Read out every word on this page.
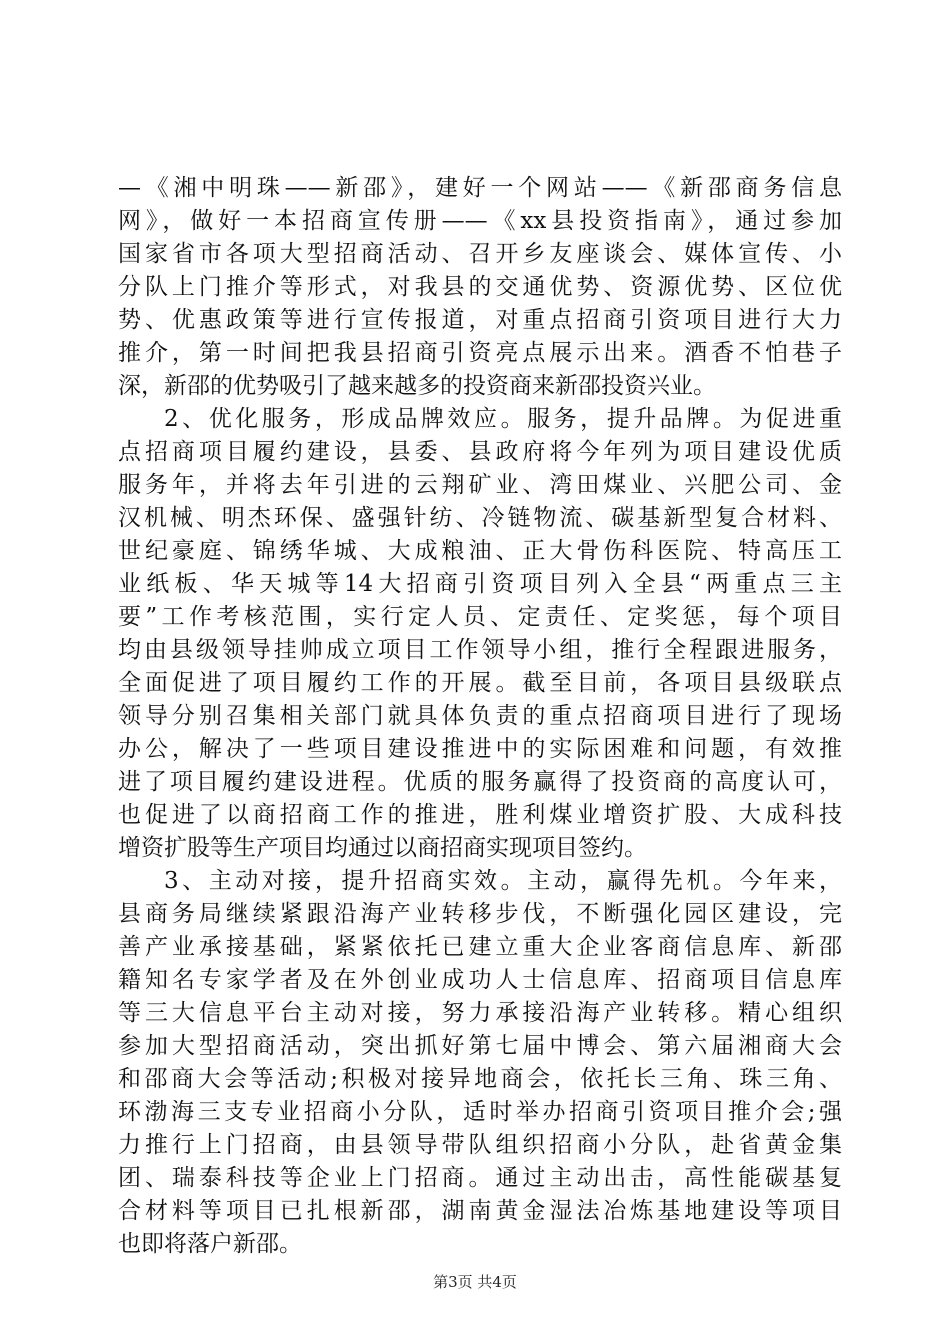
—《湘中明珠——新邵》，建好一个网站——《新邵商务信息
网》，做好一本招商宣传册——《xx县投资指南》，通过参加
国家省市各项大型招商活动、召开乡友座谈会、媒体宣传、小
分队上门推介等形式，对我县的交通优势、资源优势、区位优
势、优惠政策等进行宣传报道，对重点招商引资项目进行大力
推介，第一时间把我县招商引资亮点展示出来。酒香不怕巷子
深，新邵的优势吸引了越来越多的投资商来新邵投资兴业。
2、优化服务，形成品牌效应。服务，提升品牌。为促进重
点招商项目履约建设，县委、县政府将今年列为项目建设优质
服务年，并将去年引进的云翔矿业、湾田煤业、兴肥公司、金
汉机械、明杰环保、盛强针纺、冷链物流、碳基新型复合材料、
世纪豪庭、锦绣华城、大成粮油、正大骨伤科医院、特高压工
业纸板、华天城等14大招商引资项目列入全县“两重点三主
要”工作考核范围，实行定人员、定责任、定奖惩，每个项目
均由县级领导挂帅成立项目工作领导小组，推行全程跟进服务，
全面促进了项目履约工作的开展。截至目前，各项目县级联点
领导分别召集相关部门就具体负责的重点招商项目进行了现场
办公，解决了一些项目建设推进中的实际困难和问题，有效推
进了项目履约建设进程。优质的服务赢得了投资商的高度认可，
也促进了以商招商工作的推进，胜利煤业增资扩股、大成科技
增资扩股等生产项目均通过以商招商实现项目签约。
3、主动对接，提升招商实效。主动，赢得先机。今年来，
县商务局继续紧跟沿海产业转移步伐，不断强化园区建设，完
善产业承接基础，紧紧依托已建立重大企业客商信息库、新邵
籍知名专家学者及在外创业成功人士信息库、招商项目信息库
等三大信息平台主动对接，努力承接沿海产业转移。精心组织
参加大型招商活动，突出抓好第七届中博会、第六届湘商大会
和邵商大会等活动;积极对接异地商会，依托长三角、珠三角、
环渤海三支专业招商小分队，适时举办招商引资项目推介会;强
力推行上门招商，由县领导带队组织招商小分队，赴省黄金集
团、瑞泰科技等企业上门招商。通过主动出击，高性能碳基复
合材料等项目已扎根新邵，湖南黄金湿法冶炼基地建设等项目
也即将落户新邵。
第3页 共4页
